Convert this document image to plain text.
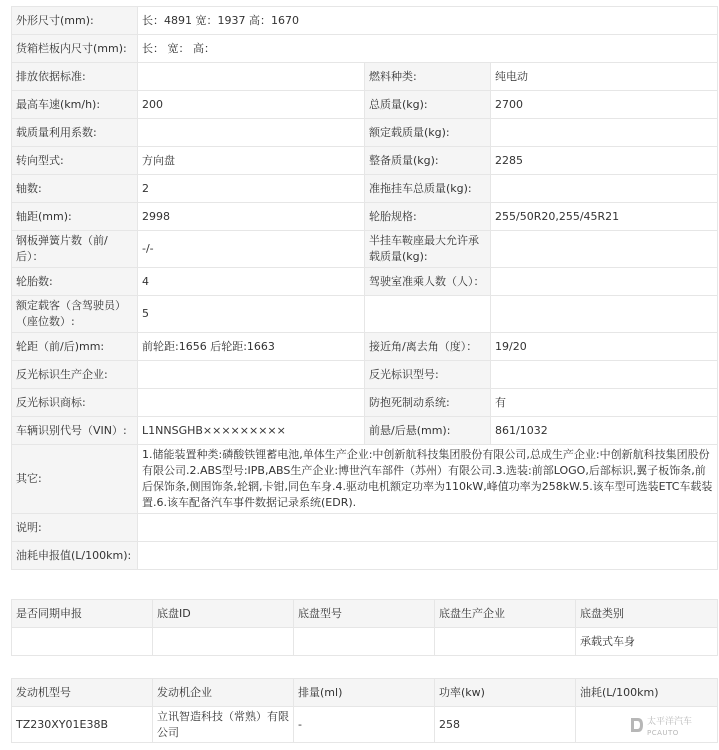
外形尺寸(mm):	长：4891 宽：1937 高：1670		
货箱栏板内尺寸(mm):	长： 宽： 高：		
排放依据标准:		燃料种类:	纯电动
最高车速(km/h):	200	总质量(kg):	2700
载质量利用系数:		额定载质量(kg):	
转向型式:	方向盘	整备质量(kg):	2285
轴数:	2	准拖挂车总质量(kg):	
轴距(mm):	2998	轮胎规格:	255/50R20,255/45R21
钢板弹簧片数（前/后）：	-/-	半挂车鞍座最大允许承载质量(kg):	
轮胎数:	4	驾驶室准乘人数（人）：	
额定载客（含驾驶员）（座位数）:	5		
轮距（前/后)mm:	前轮距:1656 后轮距:1663	接近角/离去角（度）：	19/20
反光标识生产企业:		反光标识型号:	
反光标识商标:		防抱死制动系统:	有
车辆识别代号（VIN）:	L1NNSGHB×××××××××	前悬/后悬(mm):	861/1032
其它:	1.储能装置种类:磷酸铁锂蓄电池,单体生产企业:中创新航科技集团股份有限公司,总成生产企业:中创新航科技集团股份有限公司.2.ABS型号:IPB,ABS生产企业:博世汽车部件（苏州）有限公司.3.选装:前部LOGO,后部标识,翼子板饰条,前后保饰条,侧围饰条,轮辋,卡钳,同色车身.4.驱动电机额定功率为110kW,峰值功率为258kW.5.该车型可选装ETC车载装置.6.该车配备汽车事件数据记录系统(EDR).		
说明:			
油耗申报值(L/100km):			
是否同期申报	底盘ID	底盘型号	底盘生产企业	底盘类别
				承载式车身
发动机型号	发动机企业	排量(ml)	功率(kw)	油耗(L/100km)
TZ230XY01E38B	立讯智造科技（常熟）有限公司	-	258		太平洋汽车
PCAUTO
